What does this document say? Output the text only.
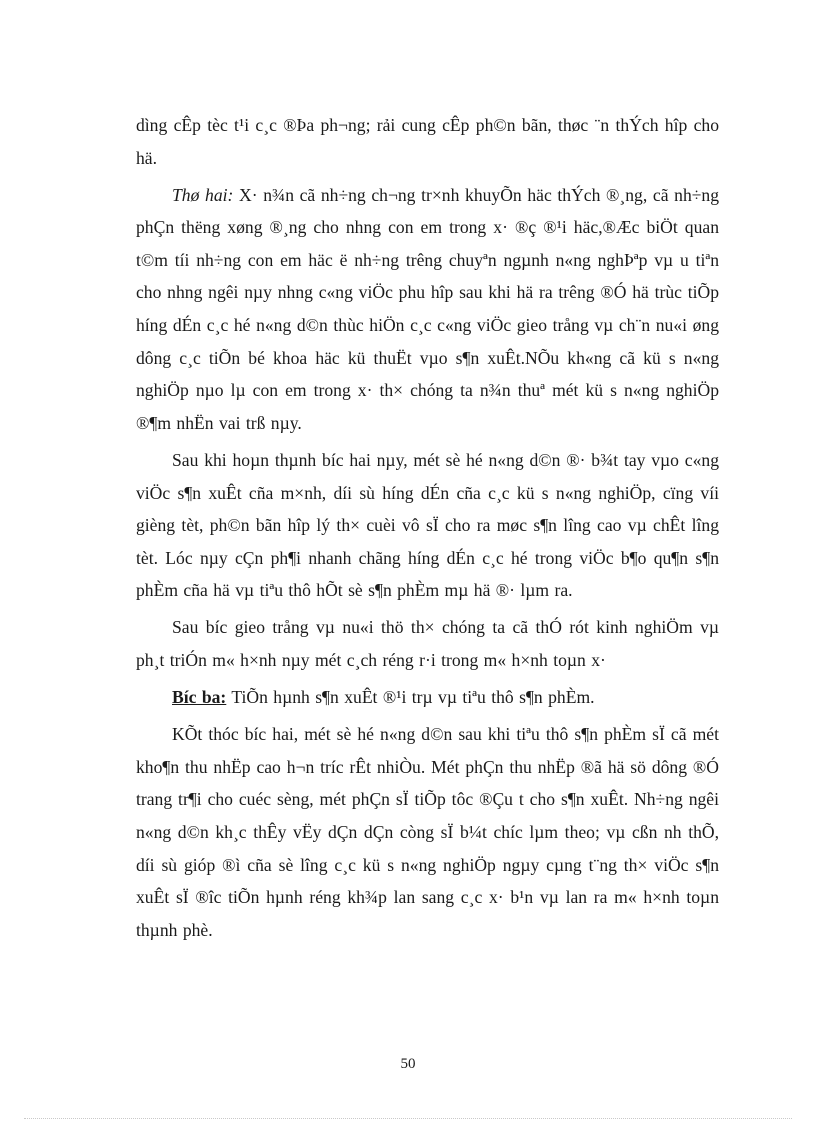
dìng cÊp tèc t¹i c¸c ®Þa ph¬ng; rải cung cÊp ph©n bãn, thøc ¨n thÝch hîp cho hä.

Thø hai: X· n¾n cã nh÷ng ch¬ng tr×nh khuyÕn häc thÝch ®¸ng, cã nh÷ng phÇn thëng xøng ®¸ng cho nhng con em trong x· ®ç ®¹i häc,®Æc biÖt quan t©m tíi nh÷ng con em häc ë nh÷ng trêng chuyªn ngµnh n«ng nghÞªp vµ u tiªn cho nhng ngêi nµy nhng c«ng viÖc phu hîp sau khi hä ra trêng ®Ó hä trùc tiÕp híng dÉn c¸c hé n«ng d©n thùc hiÖn c¸c c«ng viÖc gieo trång vµ ch¨n nu«i øng dông c¸c tiÕn bé khoa häc kü thuËt vµo s¶n xuÊt.NÕu kh«ng cã kü s n«ng nghiÖp nµo lµ con em trong x· th× chóng ta n¾n thuª mét kü s n«ng nghiÖp ®¶m nhËn vai trß nµy.

Sau khi hoµn thµnh bíc hai nµy, mét sè hé n«ng d©n ®· b¾t tay vµo c«ng viÖc s¶n xuÊt cña m×nh, díi sù híng dÉn cña c¸c kü s n«ng nghiÖp, cïng víi gièng tèt, ph©n bãn hîp lý th× cuèi vô sÏ cho ra møc s¶n lîng cao vµ chÊt lîng tèt. Lóc nµy cÇn ph¶i nhanh chãng híng dÉn c¸c hé trong viÖc b¶o qu¶n s¶n phÈm cña hä vµ tiªu thô hÕt sè s¶n phÈm mµ hä ®· lµm ra.

Sau bíc gieo trång vµ nu«i thö th× chóng ta cã thÓ rót kinh nghiÖm vµ ph¸t triÓn m« h×nh nµy mét c¸ch réng r·i trong m« h×nh toµn x·

Bíc ba: TiÕn hµnh s¶n xuÊt ®¹i trµ vµ tiªu thô s¶n phÈm.

KÕt thóc bíc hai, mét sè hé n«ng d©n sau khi tiªu thô s¶n phÈm sÏ cã mét kho¶n thu nhËp cao h¬n tríc rÊt nhiÒu. Mét phÇn thu nhËp ®ã hä sö dông ®Ó trang tr¶i cho cuéc sèng, mét phÇn sÏ tiÕp tôc ®Çu t cho s¶n xuÊt. Nh÷ng ngêi n«ng d©n kh¸c thÊy vËy dÇn dÇn còng sÏ b¼t chíc lµm theo; vµ cßn nh thÕ, díi sù gióp ®ì cña sè lîng c¸c kü s n«ng nghiÖp ngµy cµng t¨ng th× viÖc s¶n xuÊt sÏ ®îc tiÕn hµnh réng kh¾p lan sang c¸c x· b¹n vµ lan ra m« h×nh toµn thµnh phè.

50
